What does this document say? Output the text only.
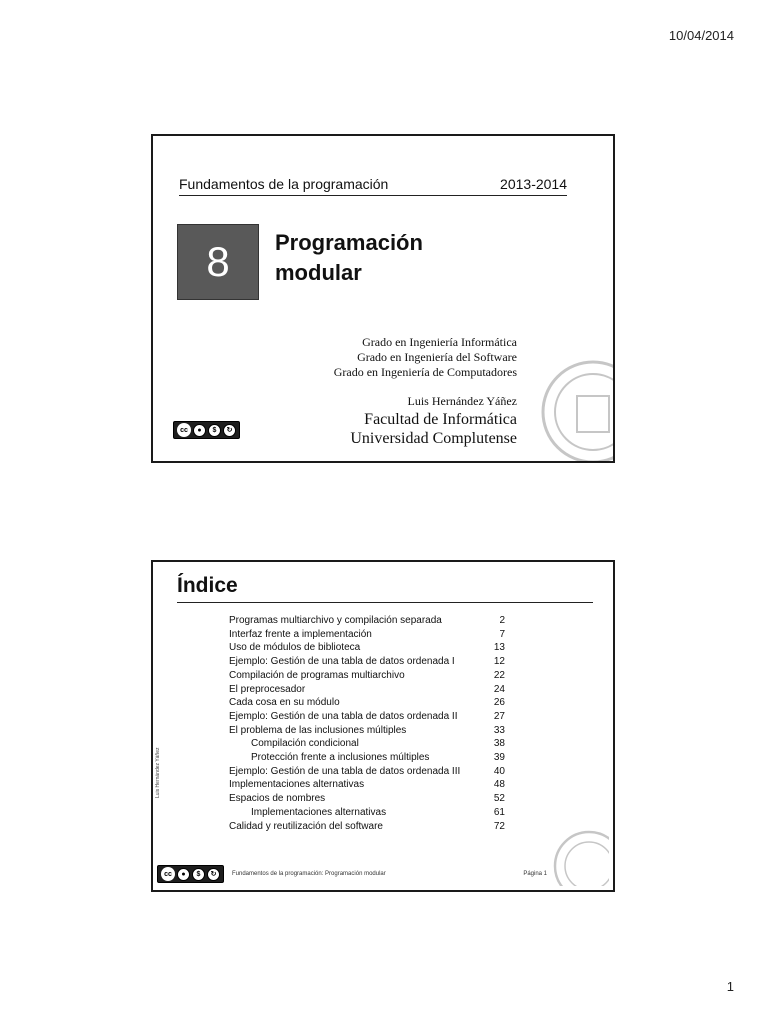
10/04/2014
Fundamentos de la programación	2013-2014
8	Programación
modular
Grado en Ingeniería Informática
Grado en Ingeniería del Software
Grado en Ingeniería de Computadores
Luis Hernández Yáñez
Facultad de Informática
Universidad Complutense
cc	●	$	↻
Índice
Programas multiarchivo y compilación separada	2
Interfaz frente a implementación	7
Uso de módulos de biblioteca	13
Ejemplo: Gestión de una tabla de datos ordenada I	12
Compilación de programas multiarchivo	22
El preprocesador	24
Cada cosa en su módulo	26
Ejemplo: Gestión de una tabla de datos ordenada II	27
El problema de las inclusiones múltiples	33
Compilación condicional	38
Protección frente a inclusiones múltiples	39
Ejemplo: Gestión de una tabla de datos ordenada III	40
Implementaciones alternativas	48
Espacios de nombres	52
Implementaciones alternativas	61
Calidad y reutilización del software	72
Luis Hernández Yáñez
cc	●	$	↻	Fundamentos de la programación: Programación modular	Página 1
1
